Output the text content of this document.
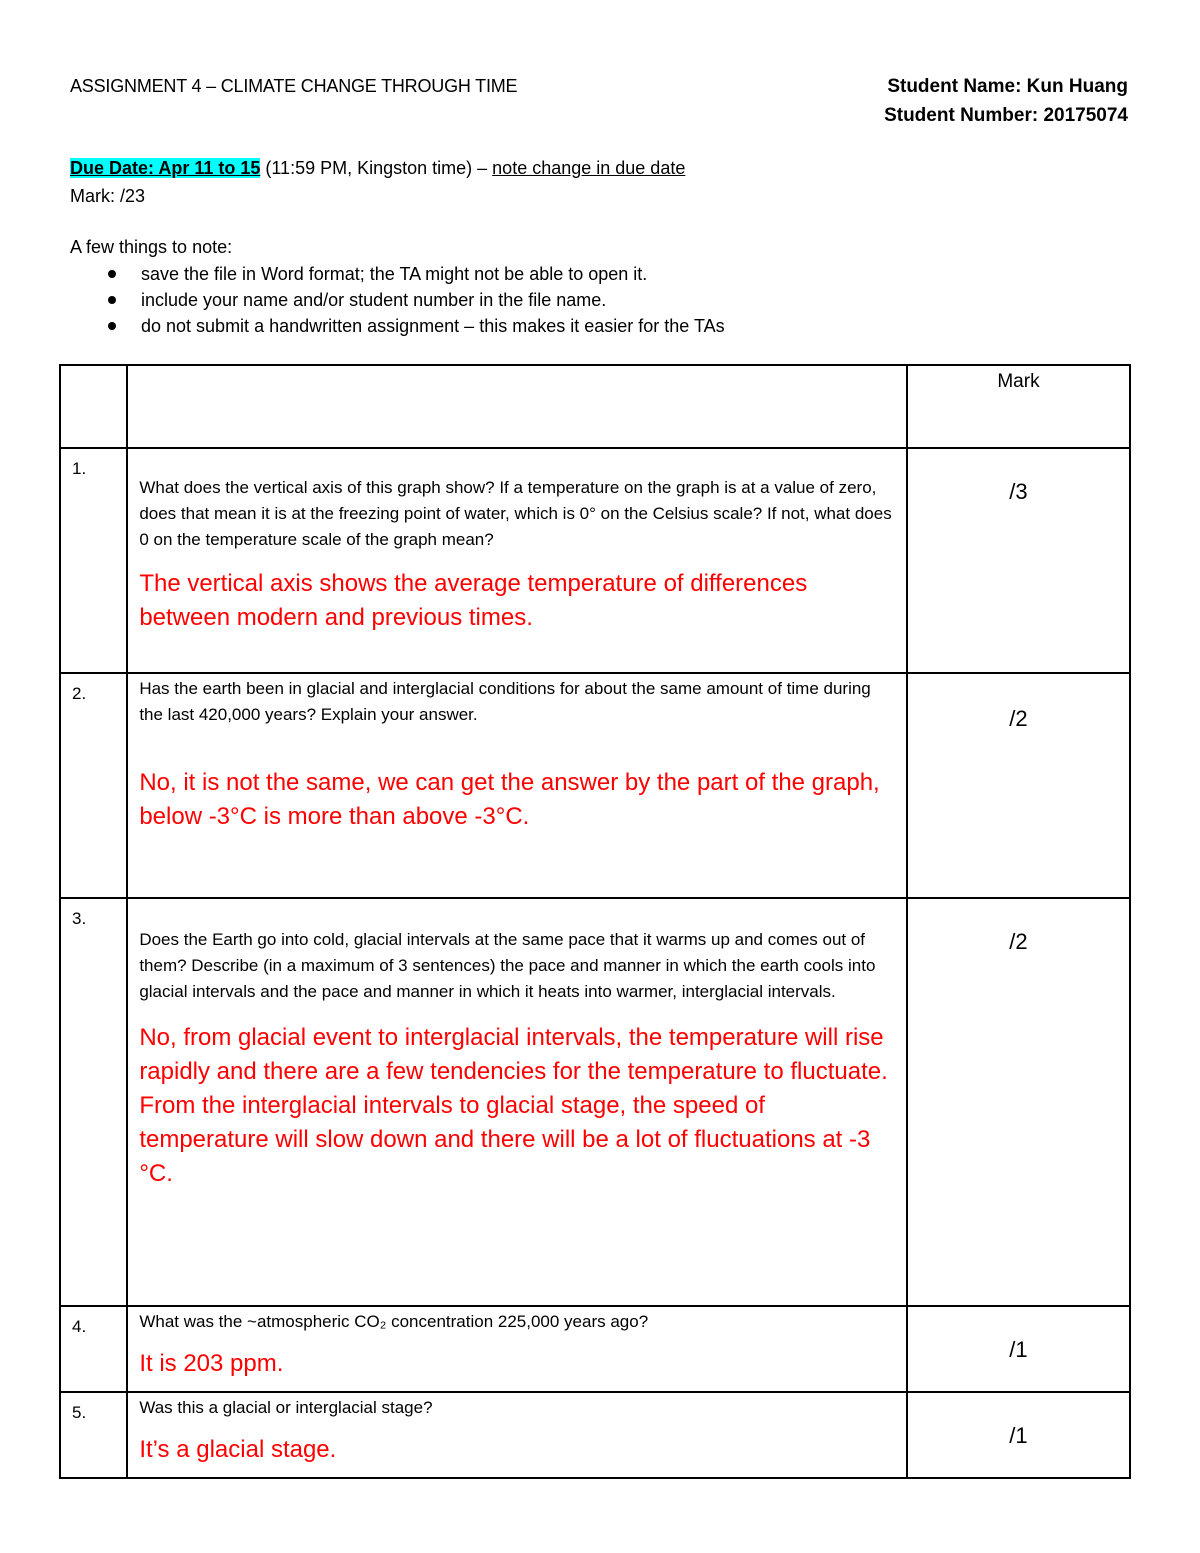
ASSIGNMENT 4 – CLIMATE CHANGE THROUGH TIME	Student Name: Kun Huang
Student Number: 20175074
Due Date: Apr 11 to 15 (11:59 PM, Kingston time) – note change in due date
Mark: /23
A few things to note:
save the file in Word format; the TA might not be able to open it.
include your name and/or student number in the file name.
do not submit a handwritten assignment – this makes it easier for the TAs

		Mark

1.	What does the vertical axis of this graph show? If a temperature on the graph is at a value of zero, does that mean it is at the freezing point of water, which is 0° on the Celsius scale? If not, what does 0 on the temperature scale of the graph mean?
The vertical axis shows the average temperature of differences between modern and previous times.	/3

2.	Has the earth been in glacial and interglacial conditions for about the same amount of time during the last 420,000 years? Explain your answer.
No, it is not the same, we can get the answer by the part of the graph, below -3°C is more than above -3°C.	/2

3.	Does the Earth go into cold, glacial intervals at the same pace that it warms up and comes out of them? Describe (in a maximum of 3 sentences) the pace and manner in which the earth cools into glacial intervals and the pace and manner in which it heats into warmer, interglacial intervals.
No, from glacial event to interglacial intervals, the temperature will rise rapidly and there are a few tendencies for the temperature to fluctuate. From the interglacial intervals to glacial stage, the speed of temperature will slow down and there will be a lot of fluctuations at -3 °C.	/2

4.	What was the ~atmospheric CO₂ concentration 225,000 years ago?
It is 203 ppm.	/1

5.	Was this a glacial or interglacial stage?
It’s a glacial stage.	/1
